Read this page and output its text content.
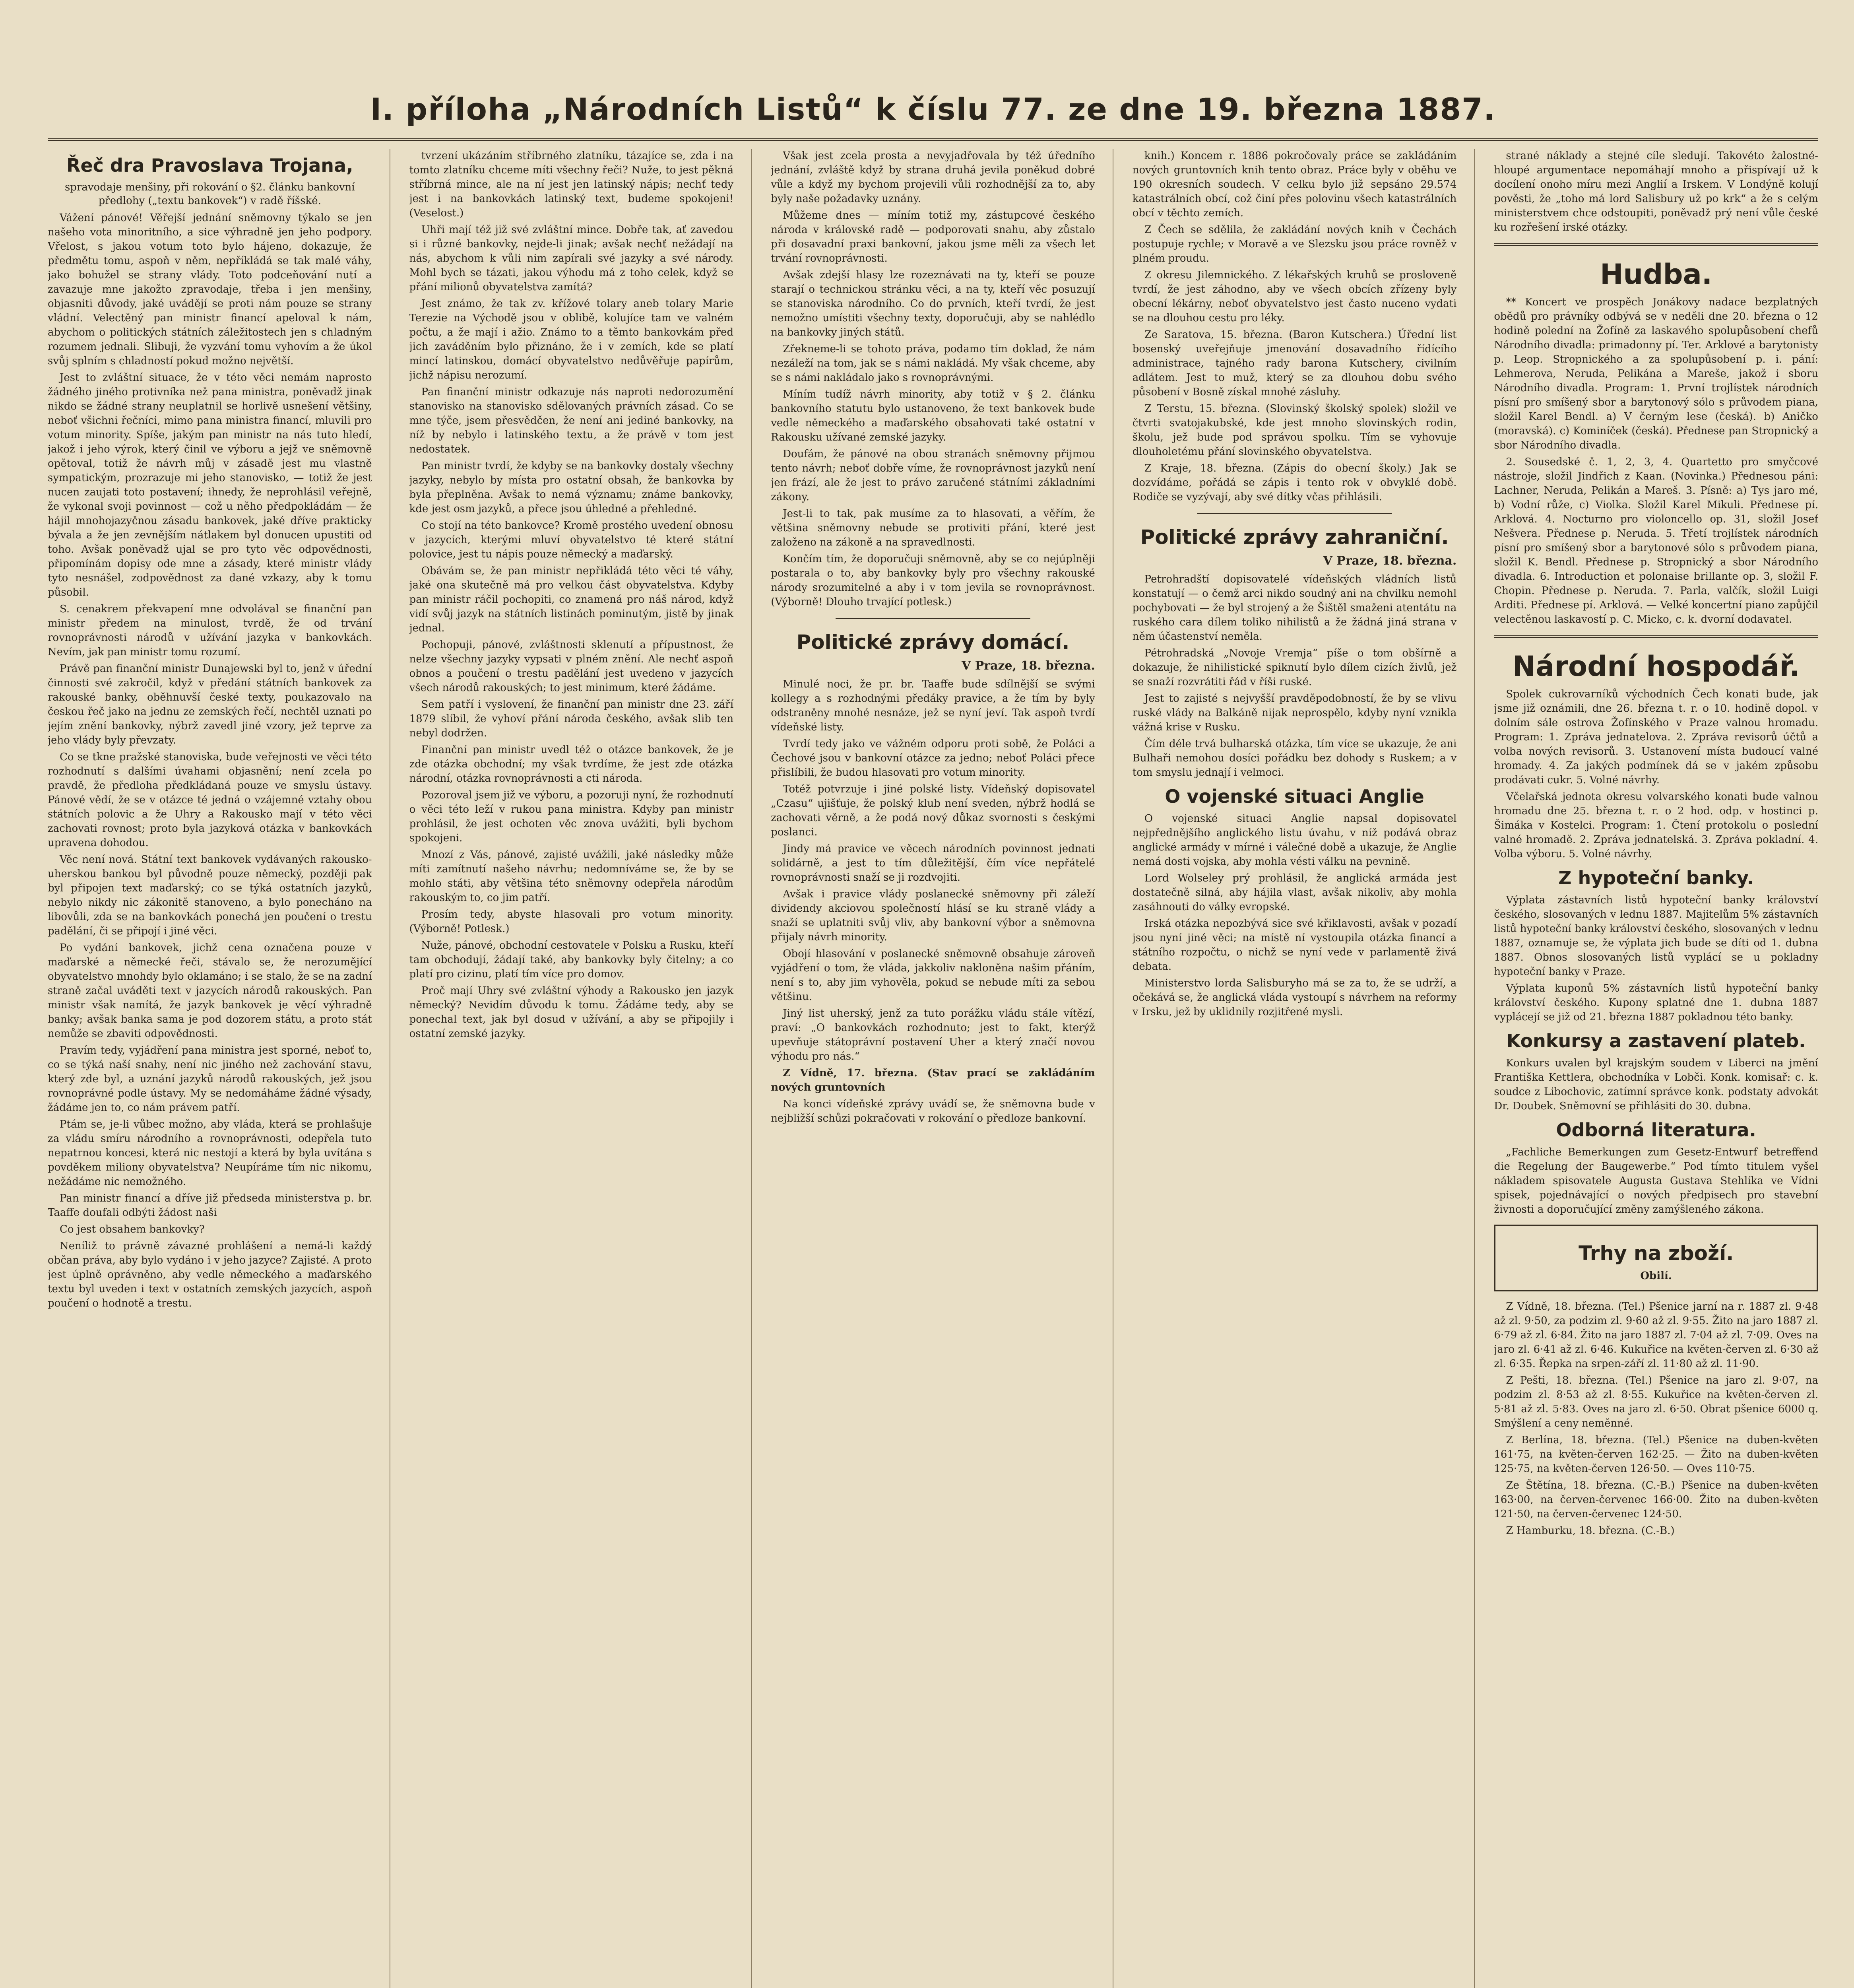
I. příloha „Národních Listů“ k číslu 77. ze dne 19. března 1887.
Řeč dra Pravoslava Trojana,
spravodaje menšiny, při rokování o §2. článku bankovní předlohy („textu bankovek“) v radě říšské.

Vážení pánové! Věřejší jednání sněmovny týkalo se jen našeho vota minoritního, a sice výhradně jen jeho podpory. Vřelost, s jakou votum toto bylo hájeno, dokazuje, že předmětu tomu, aspoň v něm, nepříkládá se tak malé váhy, jako bohužel se strany vlády. Toto podceňování nutí a zavazuje mne jakožto zpravodaje, třeba i jen menšiny, objasniti důvody, jaké uvádějí se proti nám pouze se strany vládní. Velectěný pan ministr financí apeloval k nám, abychom o politických státních záležitostech jen s chladným rozumem jednali. Slibuji, že vyzvání tomu vyhovím a že úkol svůj splním s chladností pokud možno největší.

Jest to zvláštní situace, že v této věci nemám naprosto žádného jiného protivníka než pana ministra, poněvadž jinak nikdo se žádné strany neuplatnil se horlivě usnešení většiny, neboť všichni řečníci, mimo pana ministra financí, mluvili pro votum minority. Spíše, jakým pan ministr na nás tuto hledí, jakož i jeho výrok, který činil ve výboru a jejž ve sněmovně opětoval, totiž že návrh můj v zásadě jest mu vlastně sympatickým, prozrazuje mi jeho stanovisko, — totiž že jest nucen zaujati toto postavení; ihnedy, že neprohlásil veřejně, že vykonal svoji povinnost — což u něho předpokládám — že hájil mnohojazyčnou zásadu bankovek, jaké dříve prakticky bývala a že jen zevnějším nátlakem byl donucen upustiti od toho. Avšak poněvadž ujal se pro tyto věc odpovědnosti, připomínám dopisy ode mne a zásady, které ministr vlády tyto nesnášel, zodpovědnost za dané vzkazy, aby k tomu působil.

S. cenakrem překvapení mne odvolával se finanční pan ministr předem na minulost, tvrdě, že od trvání rovnoprávnosti národů v užívání jazyka v bankovkách. Nevím, jak pan ministr tomu rozumí.

Právě pan finanční ministr Dunajewski byl to, jenž v úřední činnosti své zakročil, když v předání státních bankovek za rakouské banky, oběhnuvší české texty, poukazovalo na českou řeč jako na jednu ze zemských řečí, nechtěl uznati po jejím znění bankovky, nýbrž zavedl jiné vzory, jež teprve za jeho vlády byly převzaty.

Co se tkne pražské stanoviska, bude veřejnosti ve věci této rozhodnutí s dalšími úvahami objasnění; není zcela po pravdě, že předloha předkládaná pouze ve smyslu ústavy. Pánové vědí, že se v otázce té jedná o vzájemné vztahy obou státních polovic a že Uhry a Rakousko mají v této věci zachovati rovnost; proto byla jazyková otázka v bankovkách upravena dohodou.

Věc není nová. Státní text bankovek vydávaných rakousko-uherskou bankou byl původně pouze německý, později pak byl připojen text maďarský; co se týká ostatních jazyků, nebylo nikdy nic zákonitě stanoveno, a bylo ponecháno na libovůli, zda se na bankovkách ponechá jen poučení o trestu padělání, či se připojí i jiné věci.

Po vydání bankovek, jichž cena označena pouze v maďarské a německé řeči, stávalo se, že nerozumějící obyvatelstvo mnohdy bylo oklamáno; i se stalo, že se na zadní straně začal uváděti text v jazycích národů rakouských. Pan ministr však namítá, že jazyk bankovek je věcí výhradně banky; avšak banka sama je pod dozorem státu, a proto stát nemůže se zbaviti odpovědnosti.

Pravím tedy, vyjádření pana ministra jest sporné, neboť to, co se týká naší snahy, není nic jiného než zachování stavu, který zde byl, a uznání jazyků národů rakouských, jež jsou rovnoprávné podle ústavy. My se nedomáháme žádné výsady, žádáme jen to, co nám právem patří.

Ptám se, je-li vůbec možno, aby vláda, která se prohlašuje za vládu smíru národního a rovnoprávnosti, odepřela tuto nepatrnou koncesi, která nic nestojí a která by byla uvítána s povděkem miliony obyvatelstva? Neupíráme tím nic nikomu, nežádáme nic nemožného.

Pan ministr financí a dříve již předseda ministerstva p. br. Taaffe doufali odbýti žádost naši

Co jest obsahem bankovky?

Neníliž to právně závazné prohlášení a nemá-li každý občan práva, aby bylo vydáno i v jeho jazyce? Zajisté. A proto jest úplně oprávněno, aby vedle německého a maďarského textu byl uveden i text v ostatních zemských jazycích, aspoň poučení o hodnotě a trestu.

tvrzení ukázáním stříbrného zlatníku, tázajíce se, zda i na tomto zlatníku chceme míti všechny řeči? Nuže, to jest pěkná stříbrná mince, ale na ní jest jen latinský nápis; nechť tedy jest i na bankovkách latinský text, budeme spokojeni! (Veselost.)

Uhři mají též již své zvláštní mince. Dobře tak, ať zavedou si i různé bankovky, nejde-li jinak; avšak nechť nežádají na nás, abychom k vůli nim zapírali své jazyky a své národy. Mohl bych se tázati, jakou výhodu má z toho celek, když se přání milionů obyvatelstva zamítá?

Jest známo, že tak zv. křížové tolary aneb tolary Marie Terezie na Východě jsou v oblibě, kolujíce tam ve valném počtu, a že mají i ažio. Známo to a těmto bankovkám před jich zaváděním bylo přiznáno, že i v zemích, kde se platí mincí latinskou, domácí obyvatelstvo nedůvěřuje papírům, jichž nápisu nerozumí.

Pan finanční ministr odkazuje nás naproti nedorozumění stanovisko na stanovisko sdělovaných právních zásad. Co se mne týče, jsem přesvědčen, že není ani jediné bankovky, na níž by nebylo i latinského textu, a že právě v tom jest nedostatek.

Pan ministr tvrdí, že kdyby se na bankovky dostaly všechny jazyky, nebylo by místa pro ostatní obsah, že bankovka by byla přeplněna. Avšak to nemá významu; známe bankovky, kde jest osm jazyků, a přece jsou úhledné a přehledné.

Co stojí na této bankovce? Kromě prostého uvedení obnosu v jazycích, kterými mluví obyvatelstvo té které státní polovice, jest tu nápis pouze německý a maďarský.

Obávám se, že pan ministr nepřikládá této věci té váhy, jaké ona skutečně má pro velkou část obyvatelstva. Kdyby pan ministr ráčil pochopiti, co znamená pro náš národ, když vidí svůj jazyk na státních listinách pominutým, jistě by jinak jednal.

Pochopuji, pánové, zvláštnosti sklenutí a přípustnost, že nelze všechny jazyky vypsati v plném znění. Ale nechť aspoň obnos a poučení o trestu padělání jest uvedeno v jazycích všech národů rakouských; to jest minimum, které žádáme.

Sem patří i vyslovení, že finanční pan ministr dne 23. září 1879 slíbil, že vyhoví přání národa českého, avšak slib ten nebyl dodržen.

Finanční pan ministr uvedl též o otázce bankovek, že je zde otázka obchodní; my však tvrdíme, že jest zde otázka národní, otázka rovnoprávnosti a cti národa.

Pozoroval jsem již ve výboru, a pozoruji nyní, že rozhodnutí o věci této leží v rukou pana ministra. Kdyby pan ministr prohlásil, že jest ochoten věc znova uvážiti, byli bychom spokojeni.

Mnozí z Vás, pánové, zajisté uvážili, jaké následky může míti zamítnutí našeho návrhu; nedomníváme se, že by se mohlo státi, aby většina této sněmovny odepřela národům rakouským to, co jim patří.

Prosím tedy, abyste hlasovali pro votum minority. (Výborně! Potlesk.)

Nuže, pánové, obchodní cestovatele v Polsku a Rusku, kteří tam obchodují, žádají také, aby bankovky byly čitelny; a co platí pro cizinu, platí tím více pro domov.

Proč mají Uhry své zvláštní výhody a Rakousko jen jazyk německý? Nevidím důvodu k tomu. Žádáme tedy, aby se ponechal text, jak byl dosud v užívání, a aby se připojily i ostatní zemské jazyky.

Však jest zcela prosta a nevyjadřovala by též úředního jednání, zvláště když by strana druhá jevila poněkud dobré vůle a když my bychom projevili vůli rozhodnější za to, aby byly naše požadavky uznány.

Můžeme dnes — míním totiž my, zástupcové českého národa v královské radě — podporovati snahu, aby zůstalo při dosavadní praxi bankovní, jakou jsme měli za všech let trvání rovnoprávnosti.

Avšak zdejší hlasy lze rozeznávati na ty, kteří se pouze starají o technickou stránku věci, a na ty, kteří věc posuzují se stanoviska národního. Co do prvních, kteří tvrdí, že jest nemožno umístiti všechny texty, doporučuji, aby se nahlédlo na bankovky jiných států.

Zřekneme-li se tohoto práva, podamo tím doklad, že nám nezáleží na tom, jak se s námi nakládá. My však chceme, aby se s námi nakládalo jako s rovnoprávnými.

Míním tudíž návrh minority, aby totiž v § 2. článku bankovního statutu bylo ustanoveno, že text bankovek bude vedle německého a maďarského obsahovati také ostatní v Rakousku užívané zemské jazyky.

Doufám, že pánové na obou stranách sněmovny přijmou tento návrh; neboť dobře víme, že rovnoprávnost jazyků není jen frází, ale že jest to právo zaručené státními základními zákony.

Jest-li to tak, pak musíme za to hlasovati, a věřím, že většina sněmovny nebude se protiviti přání, které jest založeno na zákoně a na spravedlnosti.

Končím tím, že doporučuji sněmovně, aby se co nejúplněji postarala o to, aby bankovky byly pro všechny rakouské národy srozumitelné a aby i v tom jevila se rovnoprávnost. (Výborně! Dlouho trvající potlesk.)

Politické zprávy domácí.
V Praze, 18. března.

Minulé noci, že pr. br. Taaffe bude sdílnější se svými kollegy a s rozhodnými předáky pravice, a že tím by byly odstraněny mnohé nesnáze, jež se nyní jeví. Tak aspoň tvrdí vídeňské listy.

Tvrdí tedy jako ve vážném odporu proti sobě, že Poláci a Čechové jsou v bankovní otázce za jedno; neboť Poláci přece přislíbili, že budou hlasovati pro votum minority.

Totéž potvrzuje i jiné polské listy. Vídeňský dopisovatel „Czasu“ ujišťuje, že polský klub není sveden, nýbrž hodlá se zachovati věrně, a že podá nový důkaz svornosti s českými poslanci.

Jindy má pravice ve věcech národních povinnost jednati solidárně, a jest to tím důležitější, čím více nepřátelé rovnoprávnosti snaží se ji rozdvojiti.

Avšak i pravice vlády poslanecké sněmovny při záleží dividendy akciovou společností hlásí se ku straně vlády a snaží se uplatniti svůj vliv, aby bankovní výbor a sněmovna přijaly návrh minority.

Obojí hlasování v poslanecké sněmovně obsahuje zároveň vyjádření o tom, že vláda, jakkoliv nakloněna našim přáním, není s to, aby jim vyhověla, pokud se nebude míti za sebou většinu.

Jiný list uherský, jenž za tuto porážku vládu stále vítězí, praví: „O bankovkách rozhodnuto; jest to fakt, kterýž upevňuje státoprávní postavení Uher a který značí novou výhodu pro nás.“

Z Vídně, 17. března. (Stav prací se zakládáním nových gruntovních

Na konci vídeňské zprávy uvádí se, že sněmovna bude v nejbližší schůzi pokračovati v rokování o předloze bankovní.

knih.) Koncem r. 1886 pokročovaly práce se zakládáním nových gruntovních knih tento obraz. Práce byly v oběhu ve 190 okresních soudech. V celku bylo již sepsáno 29.574 katastrálních obcí, což činí přes polovinu všech katastrálních obcí v těchto zemích.

Z Čech se sdělila, že zakládání nových knih v Čechách postupuje rychle; v Moravě a ve Slezsku jsou práce rovněž v plném proudu.

Z okresu Jilemnického. Z lékařských kruhů se prosloveně tvrdí, že jest záhodno, aby ve všech obcích zřízeny byly obecní lékárny, neboť obyvatelstvo jest často nuceno vydati se na dlouhou cestu pro léky.

Ze Saratova, 15. března. (Baron Kutschera.) Úřední list bosenský uveřejňuje jmenování dosavadního řídícího administrace, tajného rady barona Kutschery, civilním adlátem. Jest to muž, který se za dlouhou dobu svého působení v Bosně získal mnohé zásluhy.

Z Terstu, 15. března. (Slovinský školský spolek) složil ve čtvrti svatojakubské, kde jest mnoho slovinských rodin, školu, jež bude pod správou spolku. Tím se vyhovuje dlouholetému přání slovinského obyvatelstva.

Z Kraje, 18. března. (Zápis do obecní školy.) Jak se dozvídáme, pořádá se zápis i tento rok v obvyklé době. Rodiče se vyzývají, aby své dítky včas přihlásili.

Politické zprávy zahraniční.
V Praze, 18. března.

Petrohradští dopisovatelé vídeňských vládních listů konstatují — o čemž arci nikdo soudný ani na chvilku nemohl pochybovati — že byl strojený a že Šištěl smaženi atentátu na ruského cara dílem toliko nihilistů a že žádná jiná strana v něm účastenství neměla.

Pétrohradská „Novoje Vremja“ píše o tom obšírně a dokazuje, že nihilistické spiknutí bylo dílem cizích živlů, jež se snaží rozvrátiti řád v říši ruské.

Jest to zajisté s nejvyšší pravděpodobností, že by se vlivu ruské vlády na Balkáně nijak neprospělo, kdyby nyní vznikla vážná krise v Rusku.

Čím déle trvá bulharská otázka, tím více se ukazuje, že ani Bulhaři nemohou dosíci pořádku bez dohody s Ruskem; a v tom smyslu jednají i velmoci.

O vojenské situaci Anglie

O vojenské situaci Anglie napsal dopisovatel nejpřednějšího anglického listu úvahu, v níž podává obraz anglické armády v mírné i válečné době a ukazuje, že Anglie nemá dosti vojska, aby mohla vésti válku na pevnině.

Lord Wolseley prý prohlásil, že anglická armáda jest dostatečně silná, aby hájila vlast, avšak nikoliv, aby mohla zasáhnouti do války evropské.

Irská otázka nepozbývá sice své křiklavosti, avšak v pozadí jsou nyní jiné věci; na místě ní vystoupila otázka financí a státního rozpočtu, o nichž se nyní vede v parlamentě živá debata.

Ministerstvo lorda Salisburyho má se za to, že se udrží, a očekává se, že anglická vláda vystoupí s návrhem na reformy v Irsku, jež by uklidnily rozjitřené mysli.

strané náklady a stejné cíle sledují. Takovéto žalostné-hloupé argumentace nepomáhají mnoho a přispívají už k docílení onoho míru mezi Anglií a Irskem. V Londýně kolují pověsti, že „toho má lord Salisbury už po krk“ a že s celým ministerstvem chce odstoupiti, poněvadž prý není vůle české ku rozřešení irské otázky.

Hudba.

** Koncert ve prospěch Jonákovy nadace bezplatných obědů pro právníky odbývá se v neděli dne 20. března o 12 hodině polední na Žofíně za laskavého spolupůsobení chefů Národního divadla: primadonny pí. Ter. Arklové a barytonisty p. Leop. Stropnického a za spolupůsobení p. i. pání: Lehmerova, Neruda, Pelikána a Mareše, jakož i sboru Národního divadla. Program: 1. První trojlístek národních písní pro smíšený sbor a barytonový sólo s průvodem piana, složil Karel Bendl. a) V černým lese (česká). b) Aničko (moravská). c) Kominíček (česká). Přednese pan Stropnický a sbor Národního divadla.

2. Sousedské č. 1, 2, 3, 4. Quartetto pro smyčcové nástroje, složil Jindřich z Kaan. (Novinka.) Přednesou páni: Lachner, Neruda, Pelikán a Mareš. 3. Písně: a) Tys jaro mé, b) Vodní růže, c) Violka. Složil Karel Mikuli. Přednese pí. Arklová. 4. Nocturno pro violoncello op. 31, složil Josef Nešvera. Přednese p. Neruda. 5. Třetí trojlístek národních písní pro smíšený sbor a barytonové sólo s průvodem piana, složil K. Bendl. Přednese p. Stropnický a sbor Národního divadla. 6. Introduction et polonaise brillante op. 3, složil F. Chopin. Přednese p. Neruda. 7. Parla, valčík, složil Luigi Arditi. Přednese pí. Arklová. — Velké koncertní piano zapůjčil velectěnou laskavostí p. C. Micko, c. k. dvorní dodavatel.

Národní hospodář.

Spolek cukrovarníků východních Čech konati bude, jak jsme již oznámili, dne 26. března t. r. o 10. hodině dopol. v dolním sále ostrova Žofínského v Praze valnou hromadu. Program: 1. Zpráva jednatelova. 2. Zpráva revisorů účtů a volba nových revisorů. 3. Ustanovení místa budoucí valné hromady. 4. Za jakých podmínek dá se v jakém způsobu prodávati cukr. 5. Volné návrhy.

Včelařská jednota okresu volvarského konati bude valnou hromadu dne 25. března t. r. o 2 hod. odp. v hostinci p. Šimáka v Kostelci. Program: 1. Čtení protokolu o poslední valné hromadě. 2. Zpráva jednatelská. 3. Zpráva pokladní. 4. Volba výboru. 5. Volné návrhy.

Z hypoteční banky.

Výplata zástavních listů hypoteční banky království českého, slosovaných v lednu 1887. Majitelům 5% zástavních listů hypoteční banky království českého, slosovaných v lednu 1887, oznamuje se, že výplata jich bude se díti od 1. dubna 1887. Obnos slosovaných listů vyplácí se u pokladny hypoteční banky v Praze.

Výplata kuponů 5% zástavních listů hypoteční banky království českého. Kupony splatné dne 1. dubna 1887 vyplácejí se již od 21. března 1887 pokladnou této banky.

Konkursy a zastavení plateb.

Konkurs uvalen byl krajským soudem v Liberci na jmění Františka Kettlera, obchodníka v Lobči. Konk. komisař: c. k. soudce z Libochovic, zatímní správce konk. podstaty advokát Dr. Doubek. Sněmovní se přihlásiti do 30. dubna.

Odborná literatura.

„Fachliche Bemerkungen zum Gesetz-Entwurf betreffend die Regelung der Baugewerbe.“ Pod tímto titulem vyšel nákladem spisovatele Augusta Gustava Stehlíka ve Vídni spisek, pojednávající o nových předpisech pro stavební živnosti a doporučující změny zamýšleného zákona.

Trhy na zboží.
Obilí.

Z Vídně, 18. března. (Tel.) Pšenice jarní na r. 1887 zl. 9·48 až zl. 9·50, za podzim zl. 9·60 až zl. 9·55. Žito na jaro 1887 zl. 6·79 až zl. 6·84. Žito na jaro 1887 zl. 7·04 až zl. 7·09. Oves na jaro zl. 6·41 až zl. 6·46. Kukuřice na květen-červen zl. 6·30 až zl. 6·35. Řepka na srpen-září zl. 11·80 až zl. 11·90.

Z Pešti, 18. března. (Tel.) Pšenice na jaro zl. 9·07, na podzim zl. 8·53 až zl. 8·55. Kukuřice na květen-červen zl. 5·81 až zl. 5·83. Oves na jaro zl. 6·50. Obrat pšenice 6000 q. Smýšlení a ceny neměnné.

Z Berlína, 18. března. (Tel.) Pšenice na duben-květen 161·75, na květen-červen 162·25. — Žito na duben-květen 125·75, na květen-červen 126·50. — Oves 110·75.

Ze Štětína, 18. března. (C.-B.) Pšenice na duben-květen 163·00, na červen-červenec 166·00. Žito na duben-květen 121·50, na červen-červenec 124·50.

Z Hamburku, 18. března. (C.-B.)
